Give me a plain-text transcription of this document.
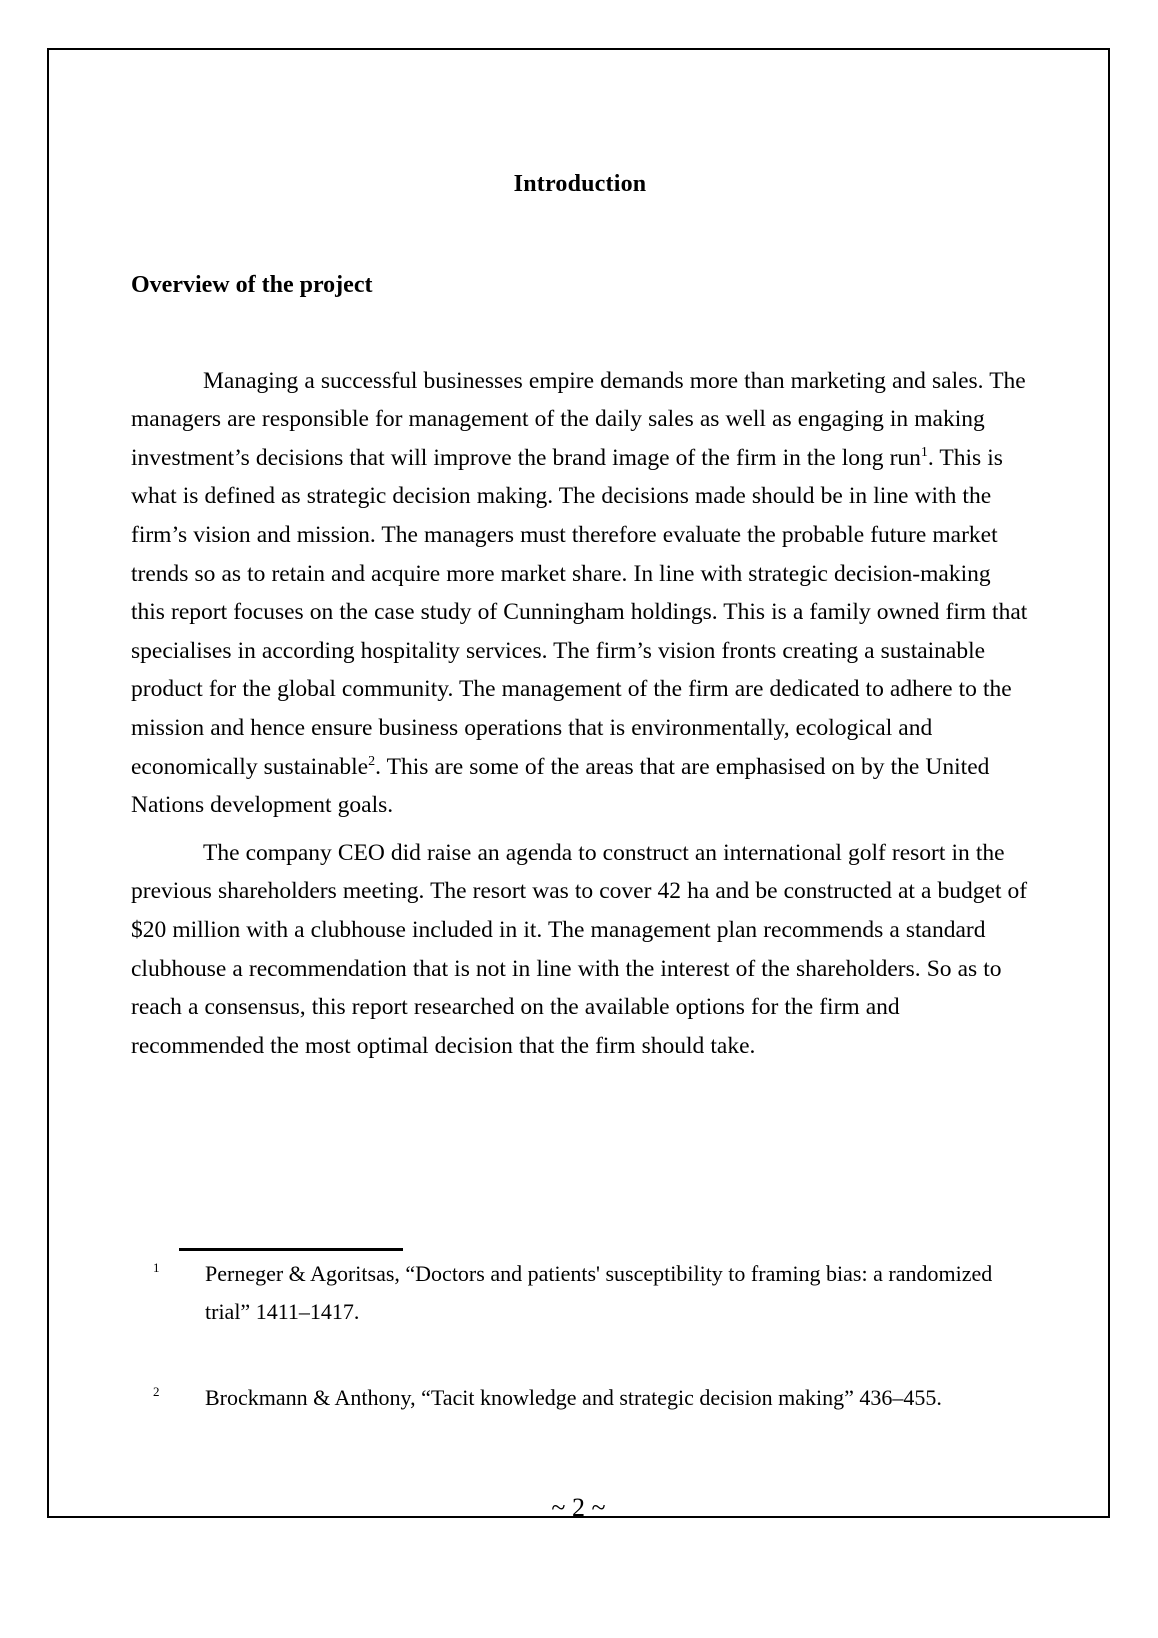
Introduction
Overview of the project

Managing a successful businesses empire demands more than marketing and sales. The managers are responsible for management of the daily sales as well as engaging in making investment’s decisions that will improve the brand image of the firm in the long run$^1$. This is what is defined as strategic decision making. The decisions made should be in line with the firm’s vision and mission. The managers must therefore evaluate the probable future market trends so as to retain and acquire more market share. In line with strategic decision-making this report focuses on the case study of Cunningham holdings. This is a family owned firm that specialises in according hospitality services. The firm’s vision fronts creating a sustainable product for the global community. The management of the firm are dedicated to adhere to the mission and hence ensure business operations that is environmentally, ecological and economically sustainable$^2$. This are some of the areas that are emphasised on by the United Nations development goals.

The company CEO did raise an agenda to construct an international golf resort in the previous shareholders meeting. The resort was to cover 42 ha and be constructed at a budget of $20 million with a clubhouse included in it. The management plan recommends a standard clubhouse a recommendation that is not in line with the interest of the shareholders. So as to reach a consensus, this report researched on the available options for the firm and recommended the most optimal decision that the firm should take.

1 Perneger & Agoritsas, “Doctors and patients' susceptibility to framing bias: a randomized trial” 1411–1417.
2 Brockmann & Anthony, “Tacit knowledge and strategic decision making” 436–455.
~ 2 ~
